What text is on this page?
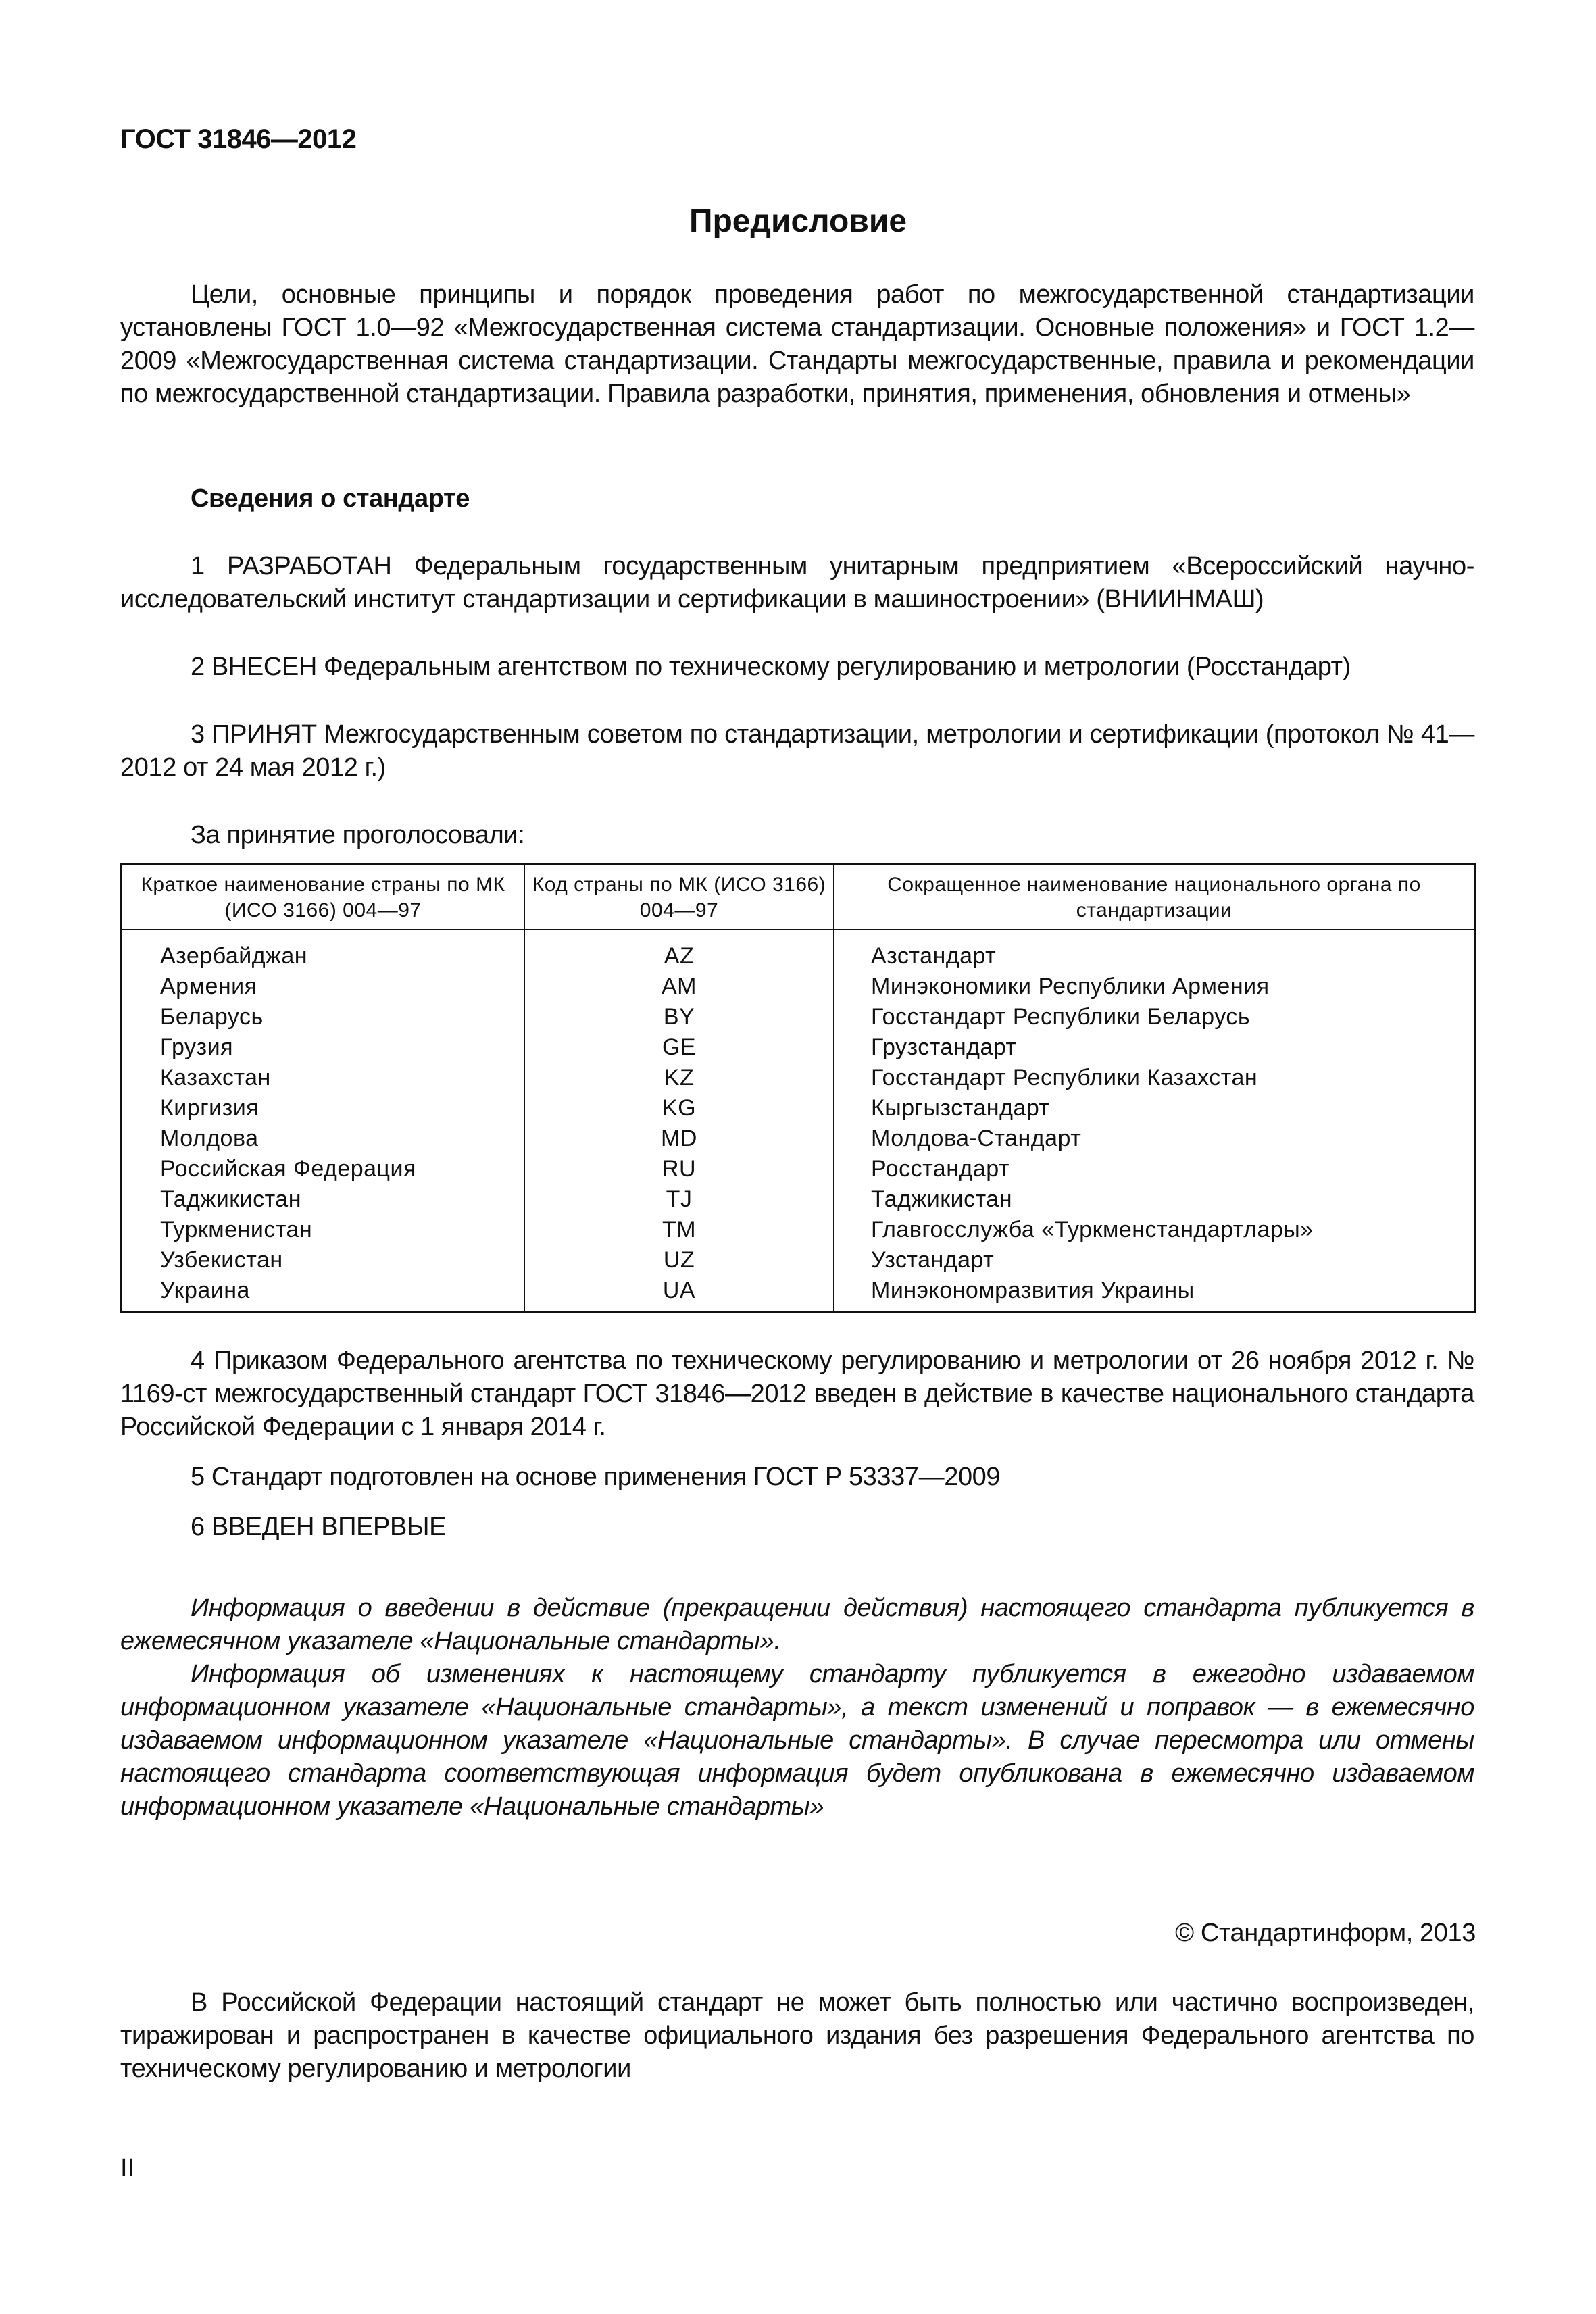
ГОСТ 31846—2012
Предисловие
Цели, основные принципы и порядок проведения работ по межгосударственной стандартизации установлены ГОСТ 1.0—92 «Межгосударственная система стандартизации. Основные положения» и ГОСТ 1.2—2009 «Межгосударственная система стандартизации. Стандарты межгосударственные, правила и рекомендации по межгосударственной стандартизации. Правила разработки, принятия, применения, обновления и отмены»
Сведения о стандарте
1 РАЗРАБОТАН Федеральным государственным унитарным предприятием «Всероссийский научно-исследовательский институт стандартизации и сертификации в машиностроении» (ВНИИНМАШ)
2 ВНЕСЕН Федеральным агентством по техническому регулированию и метрологии (Росстандарт)
3 ПРИНЯТ Межгосударственным советом по стандартизации, метрологии и сертификации (протокол № 41—2012 от 24 мая 2012 г.)
За принятие проголосовали:
Краткое наименование страны по МК (ИСО 3166) 004—97	Код страны по МК (ИСО 3166) 004—97	Сокращенное наименование национального органа по стандартизации
Азербайджан	AZ	Азстандарт
Армения	AM	Минэкономики Республики Армения
Беларусь	BY	Госстандарт Республики Беларусь
Грузия	GE	Грузстандарт
Казахстан	KZ	Госстандарт Республики Казахстан
Киргизия	KG	Кыргызстандарт
Молдова	MD	Молдова-Стандарт
Российская Федерация	RU	Росстандарт
Таджикистан	TJ	Таджикистан
Туркменистан	TM	Главгосслужба «Туркменстандартлары»
Узбекистан	UZ	Узстандарт
Украина	UA	Минэкономразвития Украины
4 Приказом Федерального агентства по техническому регулированию и метрологии от 26 ноября 2012 г. № 1169-ст межгосударственный стандарт ГОСТ 31846—2012 введен в действие в качестве национального стандарта Российской Федерации с 1 января 2014 г.
5 Стандарт подготовлен на основе применения ГОСТ Р 53337—2009
6 ВВЕДЕН ВПЕРВЫЕ
Информация о введении в действие (прекращении действия) настоящего стандарта публикуется в ежемесячном указателе «Национальные стандарты».
Информация об изменениях к настоящему стандарту публикуется в ежегодно издаваемом информационном указателе «Национальные стандарты», а текст изменений и поправок — в ежемесячно издаваемом информационном указателе «Национальные стандарты». В случае пересмотра или отмены настоящего стандарта соответствующая информация будет опубликована в ежемесячно издаваемом информационном указателе «Национальные стандарты»
© Стандартинформ, 2013
В Российской Федерации настоящий стандарт не может быть полностью или частично воспроизведен, тиражирован и распространен в качестве официального издания без разрешения Федерального агентства по техническому регулированию и метрологии
II
